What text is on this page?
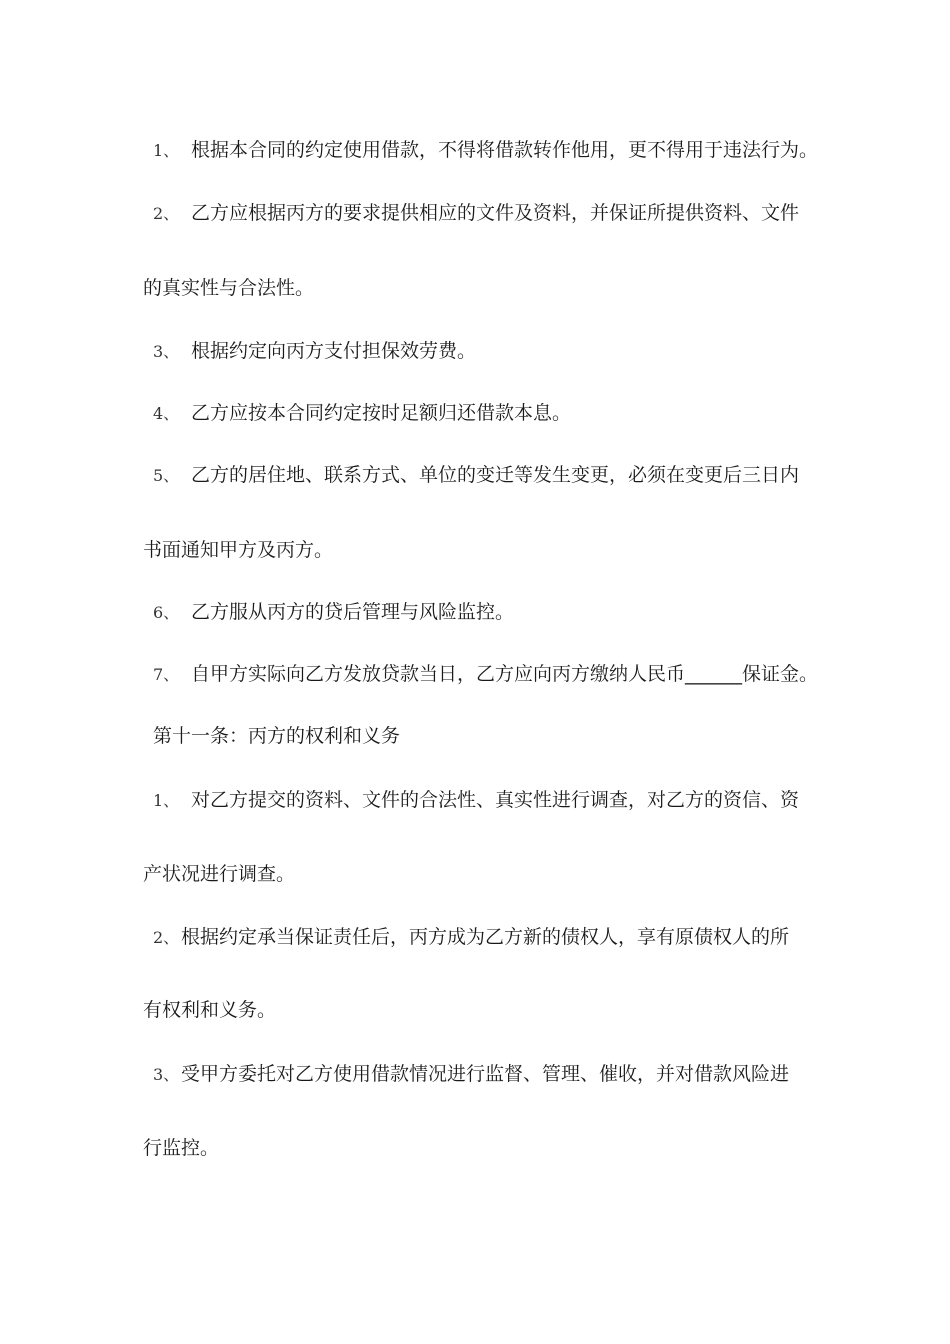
1、 根据本合同的约定使用借款，不得将借款转作他用，更不得用于违法行为。
2、 乙方应根据丙方的要求提供相应的文件及资料，并保证所提供资料、文件
的真实性与合法性。
3、 根据约定向丙方支付担保效劳费。
4、 乙方应按本合同约定按时足额归还借款本息。
5、 乙方的居住地、联系方式、单位的变迁等发生变更，必须在变更后三日内
书面通知甲方及丙方。
6、 乙方服从丙方的贷后管理与风险监控。
7、 自甲方实际向乙方发放贷款当日，乙方应向丙方缴纳人民币______保证金。
第十一条：丙方的权利和义务
1、 对乙方提交的资料、文件的合法性、真实性进行调查，对乙方的资信、资
产状况进行调查。
2、根据约定承当保证责任后，丙方成为乙方新的债权人，享有原债权人的所
有权利和义务。
3、受甲方委托对乙方使用借款情况进行监督、管理、催收，并对借款风险进
行监控。
